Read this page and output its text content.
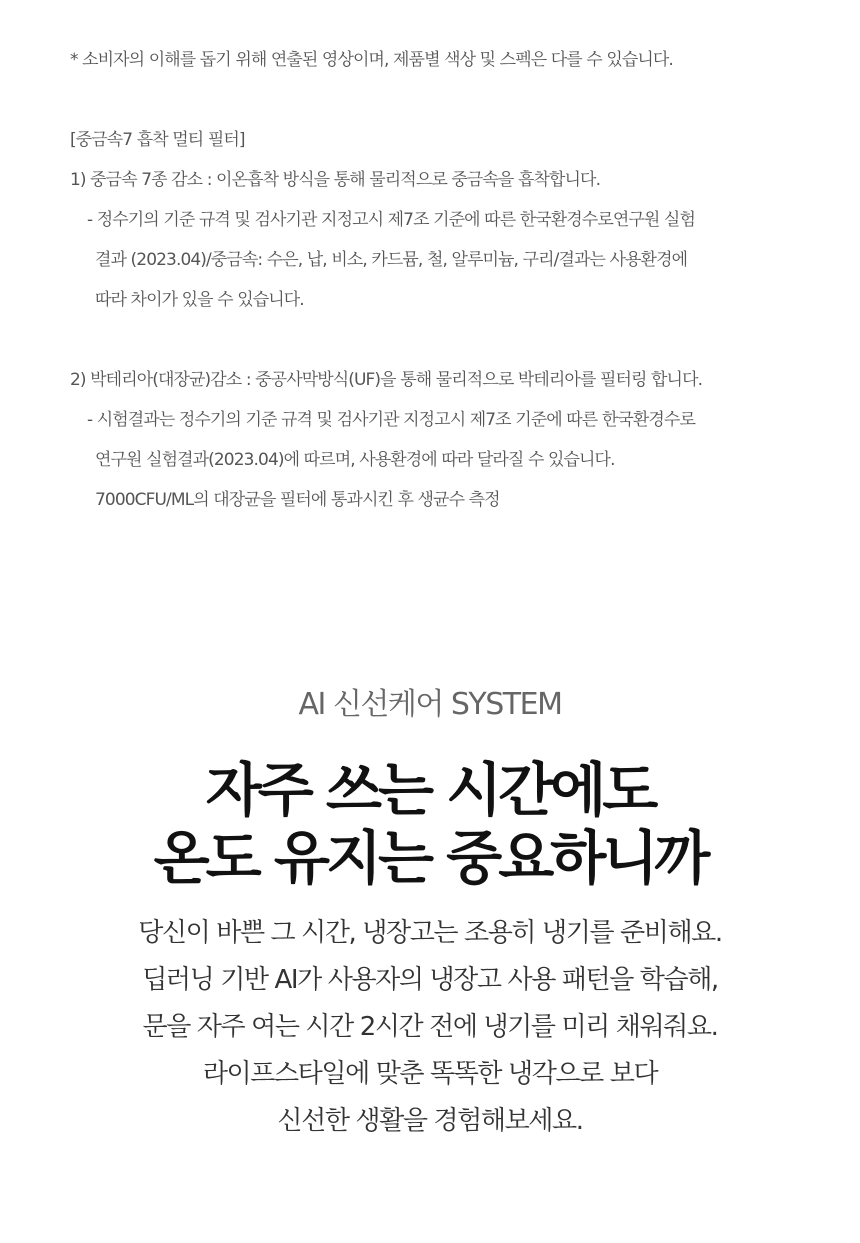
* 소비자의 이해를 돕기 위해 연출된 영상이며, 제품별 색상 및 스펙은 다를 수 있습니다.
[중금속7 흡착 멀티 필터]
1) 중금속 7종 감소 : 이온흡착 방식을 통해 물리적으로 중금속을 흡착합니다.
- 정수기의 기준 규격 및 검사기관 지정고시 제7조 기준에 따른 한국환경수로연구원 실험
결과 (2023.04)/중금속: 수은, 납, 비소, 카드뮴, 철, 알루미늄, 구리/결과는 사용환경에
따라 차이가 있을 수 있습니다.
2) 박테리아(대장균)감소 : 중공사막방식(UF)을 통해 물리적으로 박테리아를 필터링 합니다.
- 시험결과는 정수기의 기준 규격 및 검사기관 지정고시 제7조 기준에 따른 한국환경수로
연구원 실험결과(2023.04)에 따르며, 사용환경에 따라 달라질 수 있습니다.
7000CFU/ML의 대장균을 필터에 통과시킨 후 생균수 측정
AI 신선케어 SYSTEM
자주 쓰는 시간에도
온도 유지는 중요하니까
당신이 바쁜 그 시간, 냉장고는 조용히 냉기를 준비해요.
딥러닝 기반 AI가 사용자의 냉장고 사용 패턴을 학습해,
문을 자주 여는 시간 2시간 전에 냉기를 미리 채워줘요.
라이프스타일에 맞춘 똑똑한 냉각으로 보다
신선한 생활을 경험해보세요.
